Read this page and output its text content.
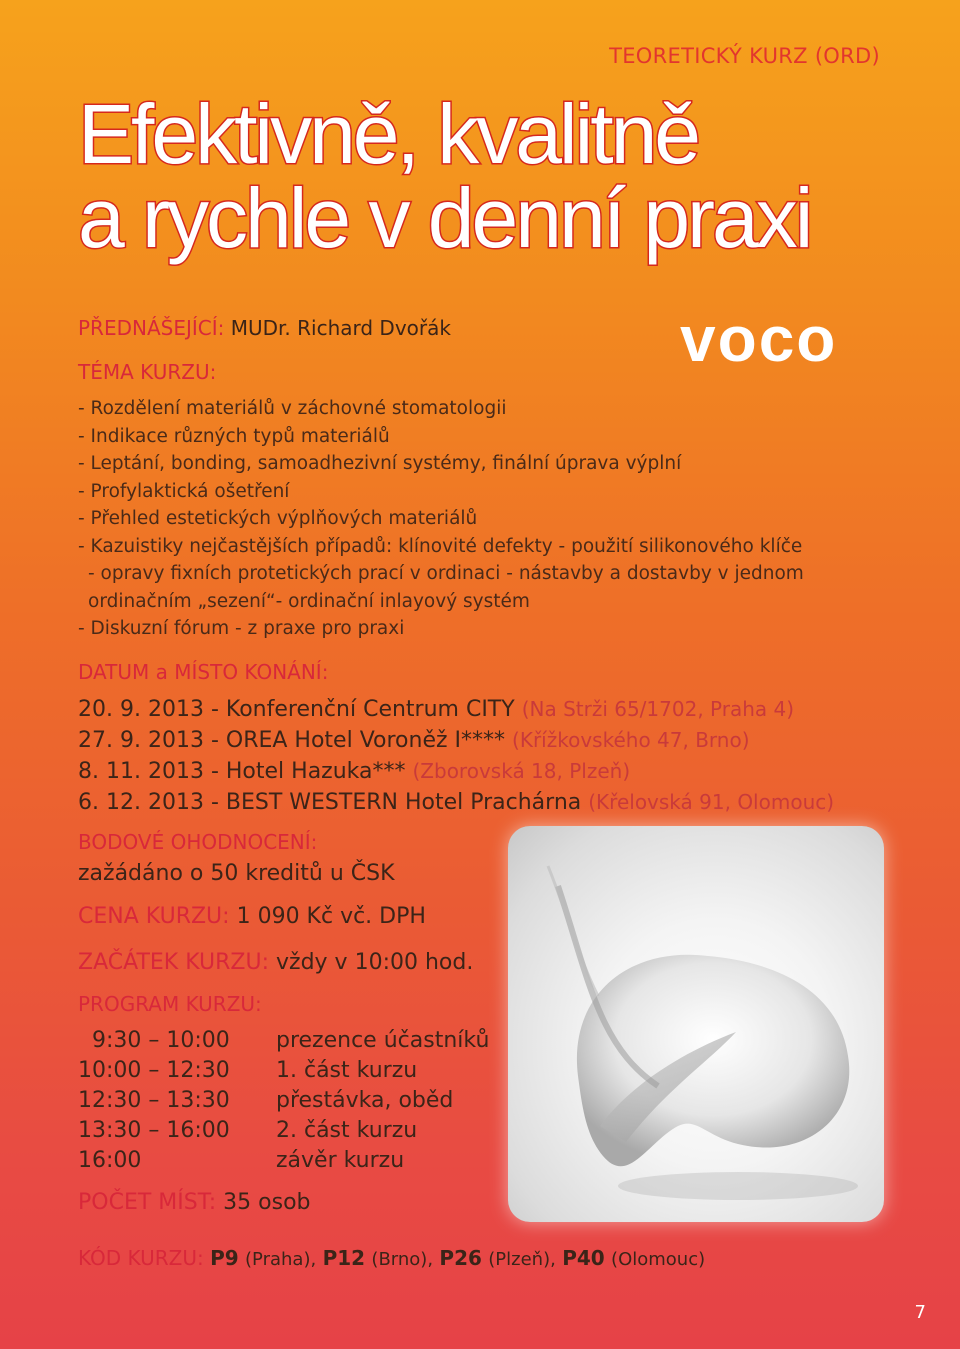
TEORETICKÝ KURZ (ORD)
Efektivně, kvalitně
a rychle v denní praxi
voco
PŘEDNÁŠEJÍCÍ: MUDr. Richard Dvořák
TÉMA KURZU:
- Rozdělení materiálů v záchovné stomatologii
- Indikace různých typů materiálů
- Leptání, bonding, samoadhezivní systémy, finální úprava výplní
- Profylaktická ošetření
- Přehled estetických výplňových materiálů
- Kazuistiky nejčastějších případů: klínovité defekty - použití silikonového klíče
- opravy fixních protetických prací v ordinaci - nástavby a dostavby v jednom
ordinačním „sezení“- ordinační inlayový systém
- Diskuzní fórum - z praxe pro praxi
DATUM a MÍSTO KONÁNÍ:
20. 9. 2013 - Konferenční Centrum CITY (Na Strži 65/1702, Praha 4)
27. 9. 2013 - OREA Hotel Voroněž I**** (Křížkovského 47, Brno)
8. 11. 2013 - Hotel Hazuka*** (Zborovská 18, Plzeň)
6. 12. 2013 - BEST WESTERN Hotel Prachárna (Křelovská 91, Olomouc)
BODOVÉ OHODNOCENÍ:
zažádáno o 50 kreditů u ČSK
CENA KURZU: 1 090 Kč vč. DPH
ZAČÁTEK KURZU: vždy v 10:00 hod.
PROGRAM KURZU:
9:30 – 10:00	prezence účastníků
10:00 – 12:30	1. část kurzu
12:30 – 13:30	přestávka, oběd
13:30 – 16:00	2. část kurzu
16:00	závěr kurzu
POČET MÍST: 35 osob
KÓD KURZU: P9 (Praha), P12 (Brno), P26 (Plzeň), P40 (Olomouc)
7
